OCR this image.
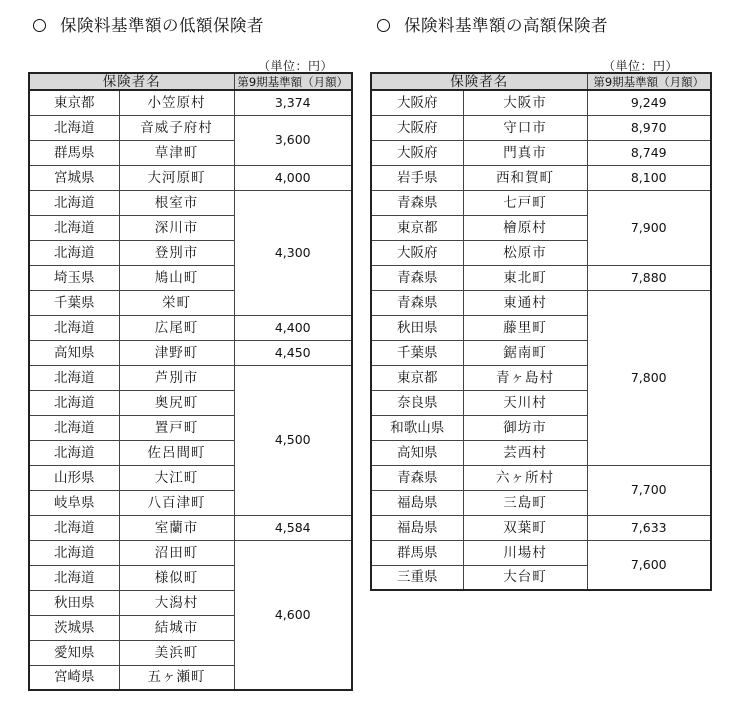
保険料基準額の低額保険者
（単位：円）
保険者名		第9期基準額（月額）
東京都	小笠原村	3,374
北海道	音威子府村	3,600
群馬県	草津町	
宮城県	大河原町	4,000
北海道	根室市	4,300
北海道	深川市	
北海道	登別市	
埼玉県	鳩山町	
千葉県	栄町	
北海道	広尾町	4,400
高知県	津野町	4,450
北海道	芦別市	4,500
北海道	奥尻町	
北海道	置戸町	
北海道	佐呂間町	
山形県	大江町	
岐阜県	八百津町	
北海道	室蘭市	4,584
北海道	沼田町	4,600
北海道	様似町	
秋田県	大潟村	
茨城県	結城市	
愛知県	美浜町	
宮崎県	五ヶ瀬町	
保険料基準額の高額保険者
（単位：円）
保険者名		第9期基準額（月額）
大阪府	大阪市	9,249
大阪府	守口市	8,970
大阪府	門真市	8,749
岩手県	西和賀町	8,100
青森県	七戸町	7,900
東京都	檜原村	
大阪府	松原市	
青森県	東北町	7,880
青森県	東通村	7,800
秋田県	藤里町	
千葉県	鋸南町	
東京都	青ヶ島村	
奈良県	天川村	
和歌山県	御坊市	
高知県	芸西村	
青森県	六ヶ所村	7,700
福島県	三島町	
福島県	双葉町	7,633
群馬県	川場村	7,600
三重県	大台町	
